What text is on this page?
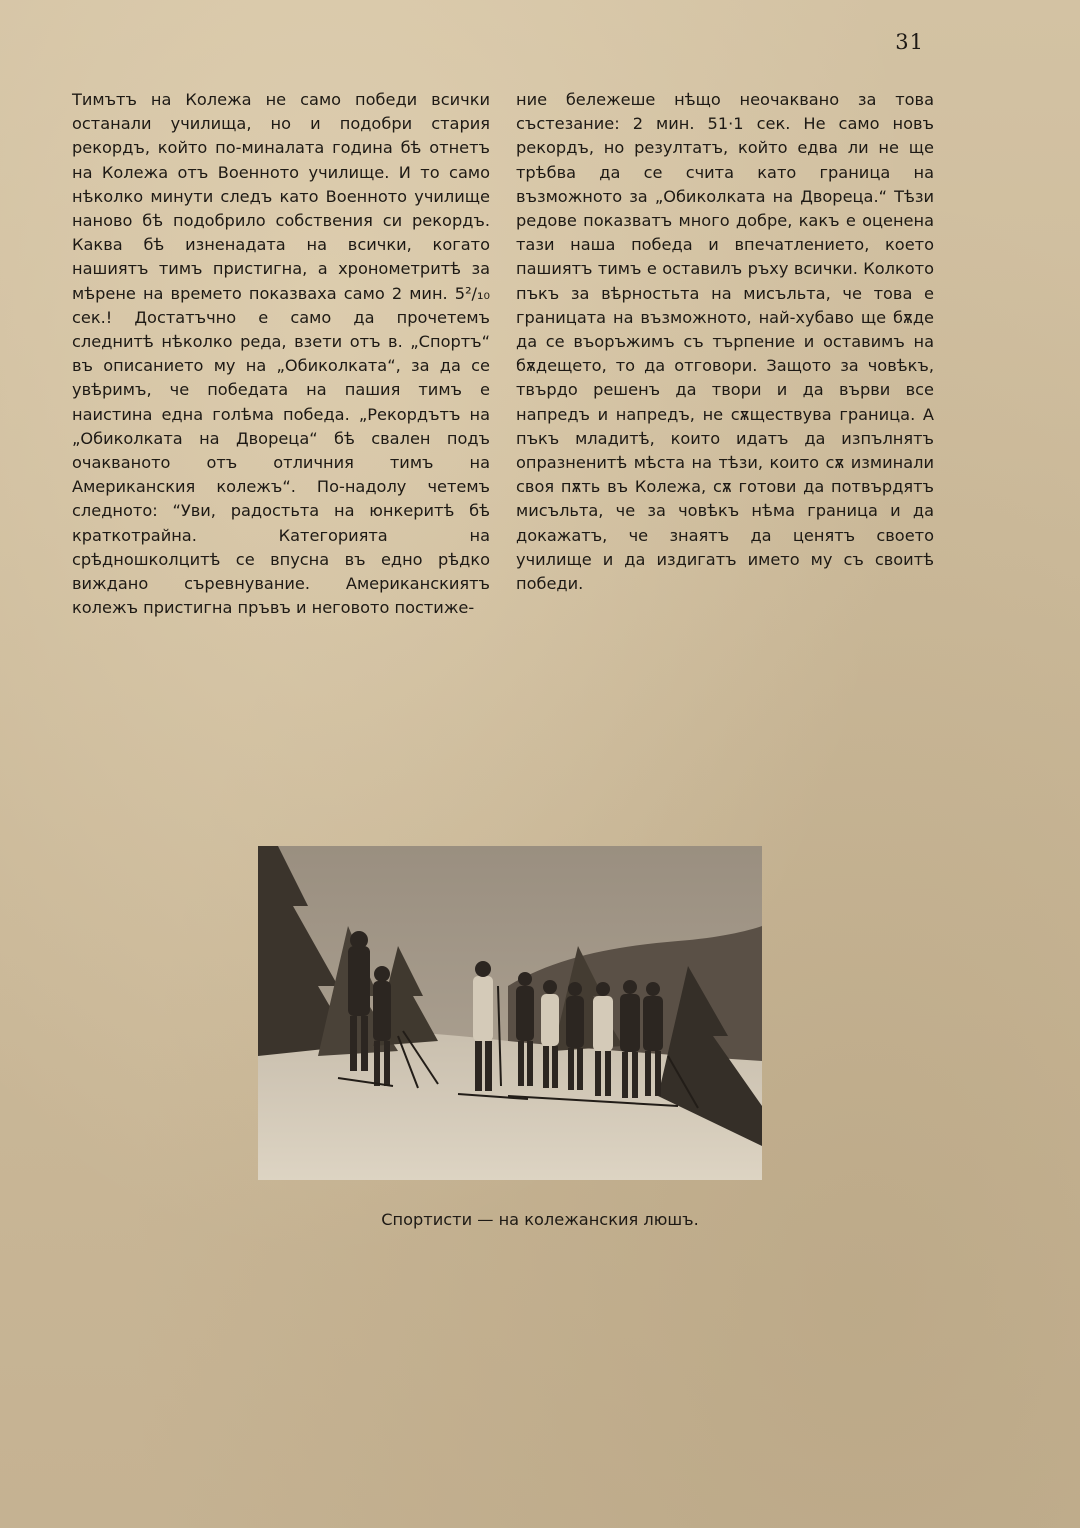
31

Тимътъ на Колежа не само победи всички останали училища, но и подобри стария рекордъ, който по-миналата година бѣ отнетъ на Колежа отъ Военното училище. И то само нѣколко минути следъ като Военното училище наново бѣ подобрило собствения си рекордъ. Каква бѣ изненадата на всички, когато нашиятъ тимъ пристигна, а хронометритѣ за мѣрене на времето показваха само 2 мин. 5²/₁₀ сек.! Достатъчно е само да прочетемъ следнитѣ нѣколко реда, взети отъ в. „Спортъ“ въ описанието му на „Обиколката“, за да се увѣримъ, че победата на пашия тимъ е наистина една голѣма победа. „Рекордътъ на „Обиколката на Двореца“ бѣ свален подъ очакваното отъ отличния тимъ на Американския колежъ“. По-надолу четемъ следното: “Уви, радостьта на юнкеритѣ бѣ краткотрайна. Категорията на срѣдношколцитѣ се впусна въ едно рѣдко виждано съревнувание. Американскиятъ колежъ пристигна пръвъ и неговото постиже-

ние бележеше нѣщо неочаквано за това състезание: 2 мин. 51·1 сек. Не само новъ рекордъ, но резултатъ, който едва ли не ще трѣбва да се счита като граница на възможното за „Обиколката на Двореца.“ Тѣзи редове показватъ много добре, какъ е оценена тази наша победа и впечатлението, което пашиятъ тимъ е оставилъ ръху всички. Колкото пъкъ за вѣрностьта на мисъльта, че това е границата на възможното, най-хубаво ще бѫде да се въоръжимъ съ търпение и оставимъ на бѫдещето, то да отговори. Защото за човѣкъ, твърдо решенъ да твори и да върви все напредъ и напредъ, не сѫществува граница. А пъкъ младитѣ, които идатъ да изпълнятъ опразненитѣ мѣста на тѣзи, които сѫ изминали своя пѫть въ Колежа, сѫ готови да потвърдятъ мисъльта, че за човѣкъ нѣма граница и да докажатъ, че знаятъ да ценятъ своето училище и да издигатъ името му съ своитѣ победи.

Спортисти — на колежанския люшъ.
